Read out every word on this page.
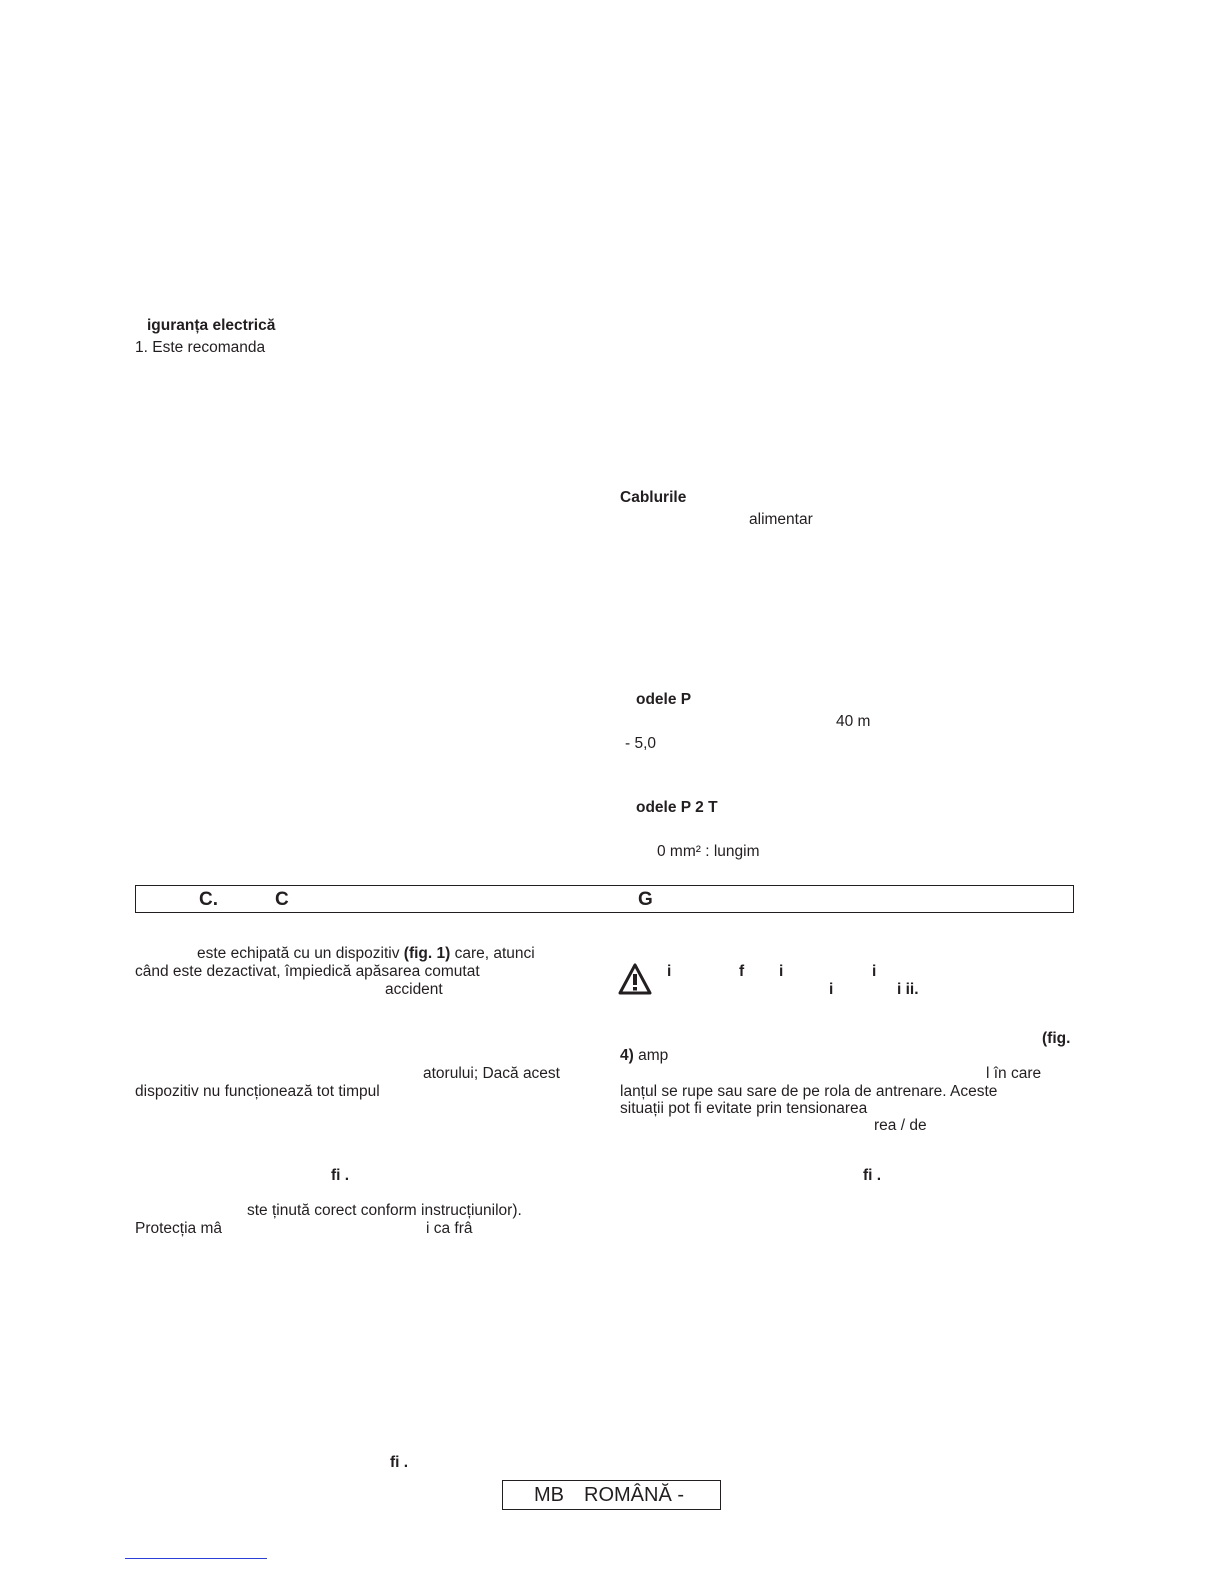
iguranța electrică
1. Este recomanda
Cablurile
alimentar
odele P
40 m
- 5,0
odele P 2 T
0 mm² : lungim
C.	C	G
este echipată cu un dispozitiv (fig. 1) care, atunci
când este dezactivat, împiedică apăsarea comutat
accident
atorului; Dacă acest
dispozitiv nu funcționează tot timpul
fi .
ste ținută corect conform instrucțiunilor).
Protecția mâ	i ca frâ
fi .
i	f i	i
i	i ii.
(fig.
4) amp
l în care
lanțul se rupe sau sare de pe rola de antrenare. Aceste
situații pot fi evitate prin tensionarea
rea / de
fi .
MB ROMÂNĂ -
